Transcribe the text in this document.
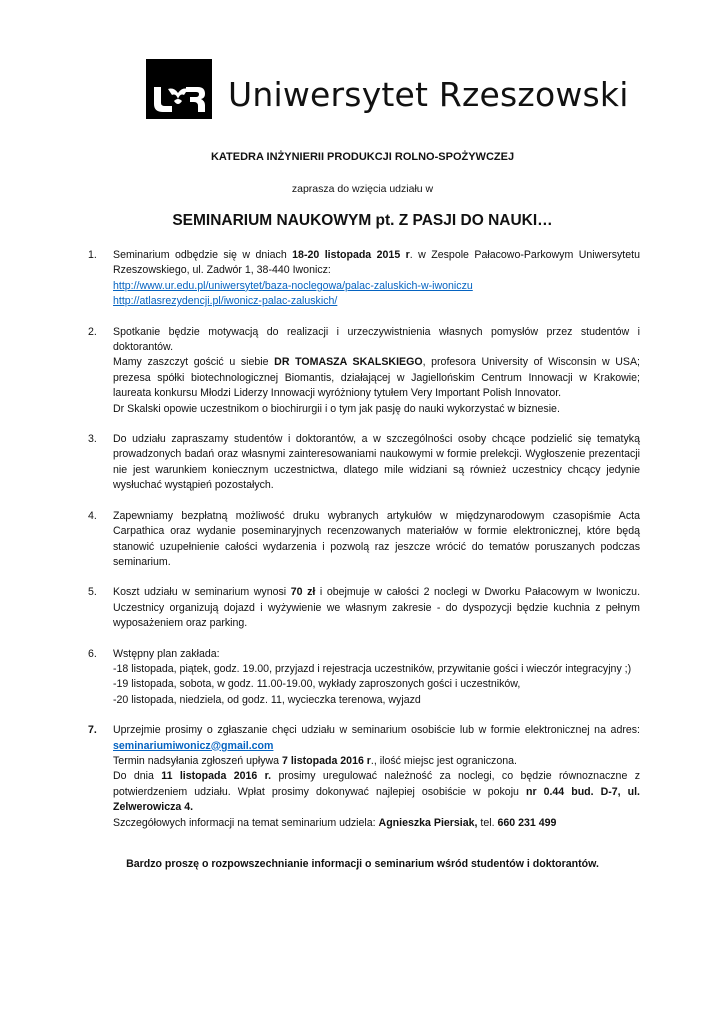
Uniwersytet Rzeszowski
KATEDRA INŻYNIERII PRODUKCJI ROLNO-SPOŻYWCZEJ
zaprasza do wzięcia udziału w
SEMINARIUM NAUKOWYM pt. Z PASJI DO NAUKI…
1.	Seminarium odbędzie się w dniach 18-20 listopada 2015 r. w Zespole Pałacowo-Parkowym Uniwersytetu Rzeszowskiego, ul. Zadwór 1, 38-440 Iwonicz:

http://www.ur.edu.pl/uniwersytet/baza-noclegowa/palac-zaluskich-w-iwoniczu

http://atlasrezydencji.pl/iwonicz-palac-zaluskich/

2.	Spotkanie będzie motywacją do realizacji i urzeczywistnienia własnych pomysłów przez studentów i doktorantów.

Mamy zaszczyt gościć u siebie DR TOMASZA SKALSKIEGO, profesora University of Wisconsin w USA; prezesa spółki biotechnologicznej Biomantis, działającej w Jagiellońskim Centrum Innowacji w Krakowie; laureata konkursu Młodzi Liderzy Innowacji wyróżniony tytułem Very Important Polish Innovator.

Dr Skalski opowie uczestnikom o biochirurgii i o tym jak pasję do nauki wykorzystać w biznesie.

3.	Do udziału zapraszamy studentów i doktorantów, a w szczególności osoby chcące podzielić się tematyką prowadzonych badań oraz własnymi zainteresowaniami naukowymi w formie prelekcji. Wygłoszenie prezentacji nie jest warunkiem koniecznym uczestnictwa, dlatego mile widziani są również uczestnicy chcący jedynie wysłuchać wystąpień pozostałych.

4.	Zapewniamy bezpłatną możliwość druku wybranych artykułów w międzynarodowym czasopiśmie Acta Carpathica oraz wydanie poseminaryjnych recenzowanych materiałów w formie elektronicznej, które będą stanowić uzupełnienie całości wydarzenia i pozwolą raz jeszcze wrócić do tematów poruszanych podczas seminarium.

5.	Koszt udziału w seminarium wynosi 70 zł i obejmuje w całości 2 noclegi w Dworku Pałacowym w Iwoniczu. Uczestnicy organizują dojazd i wyżywienie we własnym zakresie - do dyspozycji będzie kuchnia z pełnym wyposażeniem oraz parking.

6.	Wstępny plan zakłada:

-18 listopada, piątek, godz. 19.00, przyjazd i rejestracja uczestników, przywitanie gości i wieczór integracyjny ;)

-19 listopada, sobota, w godz. 11.00-19.00, wykłady zaproszonych gości i uczestników,

-20 listopada, niedziela, od godz. 11, wycieczka terenowa, wyjazd

7.	Uprzejmie prosimy o zgłaszanie chęci udziału w seminarium osobiście lub w formie elektronicznej na adres: seminariumiwonicz@gmail.com

Termin nadsyłania zgłoszeń upływa 7 listopada 2016 r., ilość miejsc jest ograniczona.

Do dnia 11 listopada 2016 r. prosimy uregulować należność za noclegi, co będzie równoznaczne z potwierdzeniem udziału. Wpłat prosimy dokonywać najlepiej osobiście w pokoju nr 0.44 bud. D-7, ul. Zelwerowicza 4.

Szczegółowych informacji na temat seminarium udziela: Agnieszka Piersiak, tel. 660 231 499

Bardzo proszę o rozpowszechnianie informacji o seminarium wśród studentów i doktorantów.
